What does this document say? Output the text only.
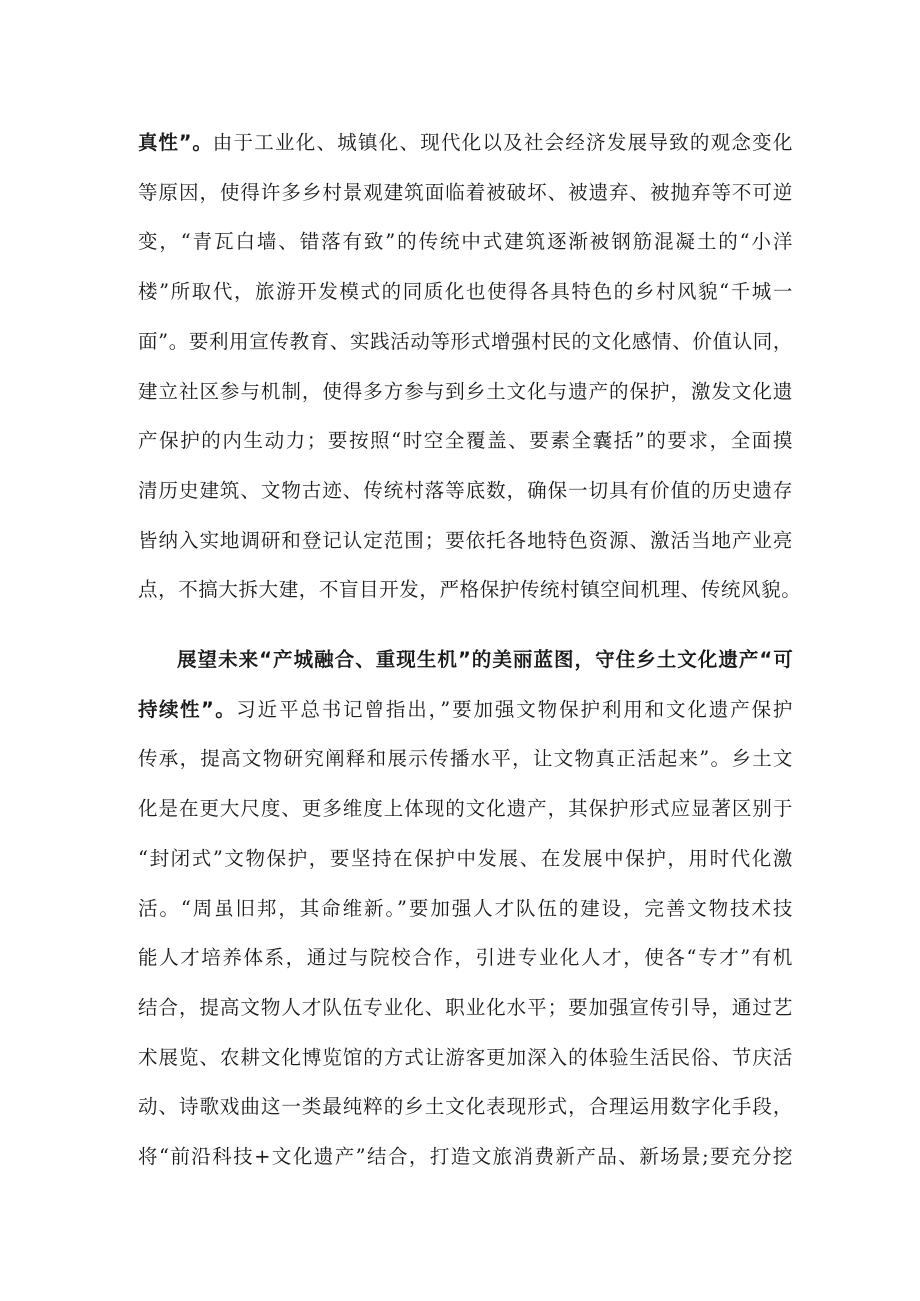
真性”。由于工业化、城镇化、现代化以及社会经济发展导致的观念变化
等原因，使得许多乡村景观建筑面临着被破坏、被遗弃、被抛弃等不可逆
变，“青瓦白墙、错落有致”的传统中式建筑逐渐被钢筋混凝土的“小洋
楼”所取代，旅游开发模式的同质化也使得各具特色的乡村风貌“千城一
面”。要利用宣传教育、实践活动等形式增强村民的文化感情、价值认同，
建立社区参与机制，使得多方参与到乡土文化与遗产的保护，激发文化遗
产保护的内生动力；要按照“时空全覆盖、要素全囊括”的要求，全面摸
清历史建筑、文物古迹、传统村落等底数，确保一切具有价值的历史遗存
皆纳入实地调研和登记认定范围；要依托各地特色资源、激活当地产业亮
点，不搞大拆大建，不盲目开发，严格保护传统村镇空间机理、传统风貌。

展望未来“产城融合、重现生机”的美丽蓝图，守住乡土文化遗产“可
持续性”。习近平总书记曾指出，”要加强文物保护利用和文化遗产保护
传承，提高文物研究阐释和展示传播水平，让文物真正活起来”。乡土文
化是在更大尺度、更多维度上体现的文化遗产，其保护形式应显著区别于
“封闭式”文物保护，要坚持在保护中发展、在发展中保护，用时代化激
活。“周虽旧邦，其命维新。”要加强人才队伍的建设，完善文物技术技
能人才培养体系，通过与院校合作，引进专业化人才，使各“专才”有机
结合，提高文物人才队伍专业化、职业化水平；要加强宣传引导，通过艺
术展览、农耕文化博览馆的方式让游客更加深入的体验生活民俗、节庆活
动、诗歌戏曲这一类最纯粹的乡土文化表现形式，合理运用数字化手段，
将“前沿科技+文化遗产”结合，打造文旅消费新产品、新场景;要充分挖
